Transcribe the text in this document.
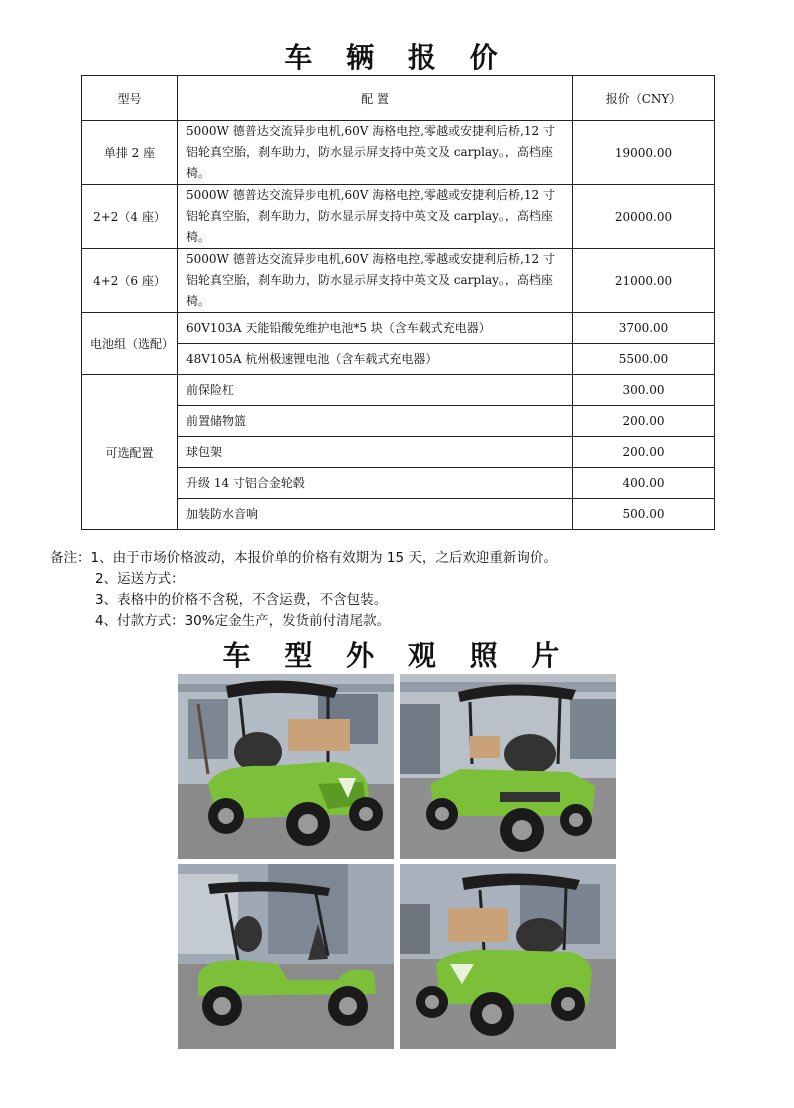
车 辆 报 价
型号	配 置	报价（CNY）
单排 2 座	5000W 德普达交流异步电机,60V 海格电控,零越或安捷利后桥,12 寸铝轮真空胎，刹车助力，防水显示屏支持中英文及 carplay。，高档座椅。	19000.00
2+2（4 座）	5000W 德普达交流异步电机,60V 海格电控,零越或安捷利后桥,12 寸铝轮真空胎，刹车助力，防水显示屏支持中英文及 carplay。，高档座椅。	20000.00
4+2（6 座）	5000W 德普达交流异步电机,60V 海格电控,零越或安捷利后桥,12 寸铝轮真空胎，刹车助力，防水显示屏支持中英文及 carplay。，高档座椅。	21000.00
电池组（选配）	60V103A 天能铅酸免维护电池*5 块（含车载式充电器）	3700.00
	48V105A 杭州极速锂电池（含车载式充电器）	5500.00
可选配置	前保险杠	300.00
	前置储物篮	200.00
	球包架	200.00
	升级 14 寸铝合金轮毂	400.00
	加装防水音响	500.00
备注：1、由于市场价格波动，本报价单的价格有效期为 15 天，之后欢迎重新询价。
2、运送方式：
3、表格中的价格不含税，不含运费，不含包装。
4、付款方式：30%定金生产，发货前付清尾款。
车 型 外 观 照 片
